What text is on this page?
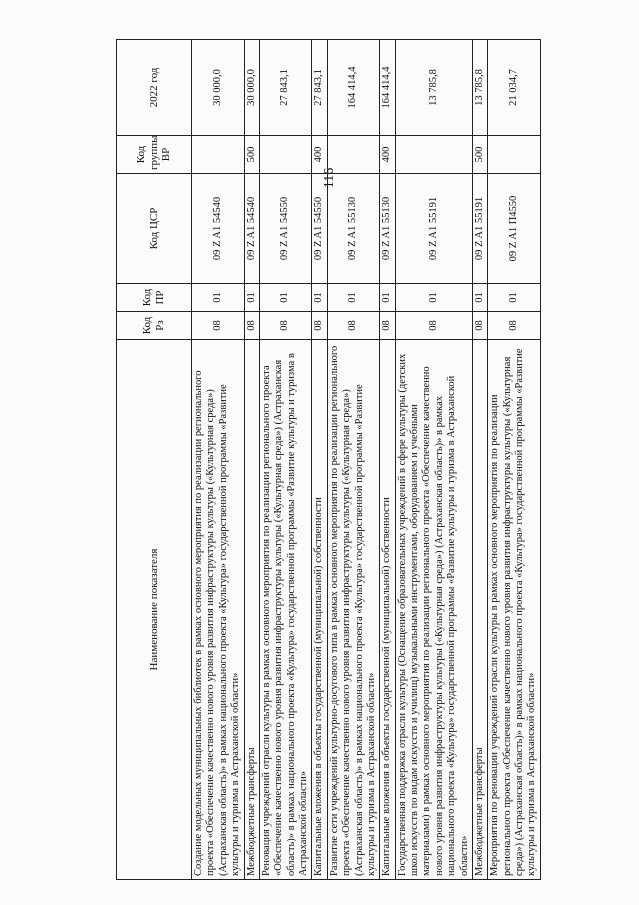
116
Наименование показателя	Код Рз	Код ПР	Код ЦСР	Код группы ВР	2022 год
Создание модельных муниципальных библиотек в рамках основного мероприятия по реализации регионального проекта «Обеспечение качественно нового уровня развития инфраструктуры культуры («Культурная среда») (Астраханская область)» в рамках национального проекта «Культура» государственной программы «Развитие культуры и туризма в Астраханской области»	08	01	09 Z A1 54540		30 000,0
Межбюджетные трансферты	08	01	09 Z A1 54540	500	30 000,0
Реновация учреждений отрасли культуры в рамках основного мероприятия по реализации регионального проекта «Обеспечение качественно нового уровня развития инфраструктуры культуры («Культурная среда») (Астраханская область)» в рамках национального проекта «Культура» государственной программы «Развитие культуры и туризма в Астраханской области»	08	01	09 Z A1 54550		27 843,1
Капитальные вложения в объекты государственной (муниципальной) собственности	08	01	09 Z A1 54550	400	27 843,1
Развитие сети учреждений культурно-досугового типа в рамках основного мероприятия по реализации регионального проекта «Обеспечение качественно нового уровня развития инфраструктуры культуры («Культурная среда») (Астраханская область)» в рамках национального проекта «Культура» государственной программы «Развитие культуры и туризма в Астраханской области»	08	01	09 Z A1 55130		164 414,4
Капитальные вложения в объекты государственной (муниципальной) собственности	08	01	09 Z A1 55130	400	164 414,4
Государственная поддержка отрасли культуры (Оснащение образовательных учреждений в сфере культуры (детских школ искусств по видам искусств и училищ) музыкальными инструментами, оборудованием и учебными материалами) в рамках основного мероприятия по реализации регионального проекта «Обеспечение качественно нового уровня развития инфраструктуры культуры («Культурная среда») (Астраханская область)» в рамках национального проекта «Культура» государственной программы «Развитие культуры и туризма в Астраханской области»	08	01	09 Z A1 55191		13 785,8
Межбюджетные трансферты	08	01	09 Z A1 55191	500	13 785,8
Мероприятия по реновации учреждений отрасли культуры в рамках основного мероприятия по реализации регионального проекта «Обеспечение качественно нового уровня развития инфраструктуры культуры («Культурная среда») (Астраханская область)» в рамках национального проекта «Культура» государственной программы «Развитие культуры и туризма в Астраханской области»	08	01	09 Z A1 П4550		21 034,7
